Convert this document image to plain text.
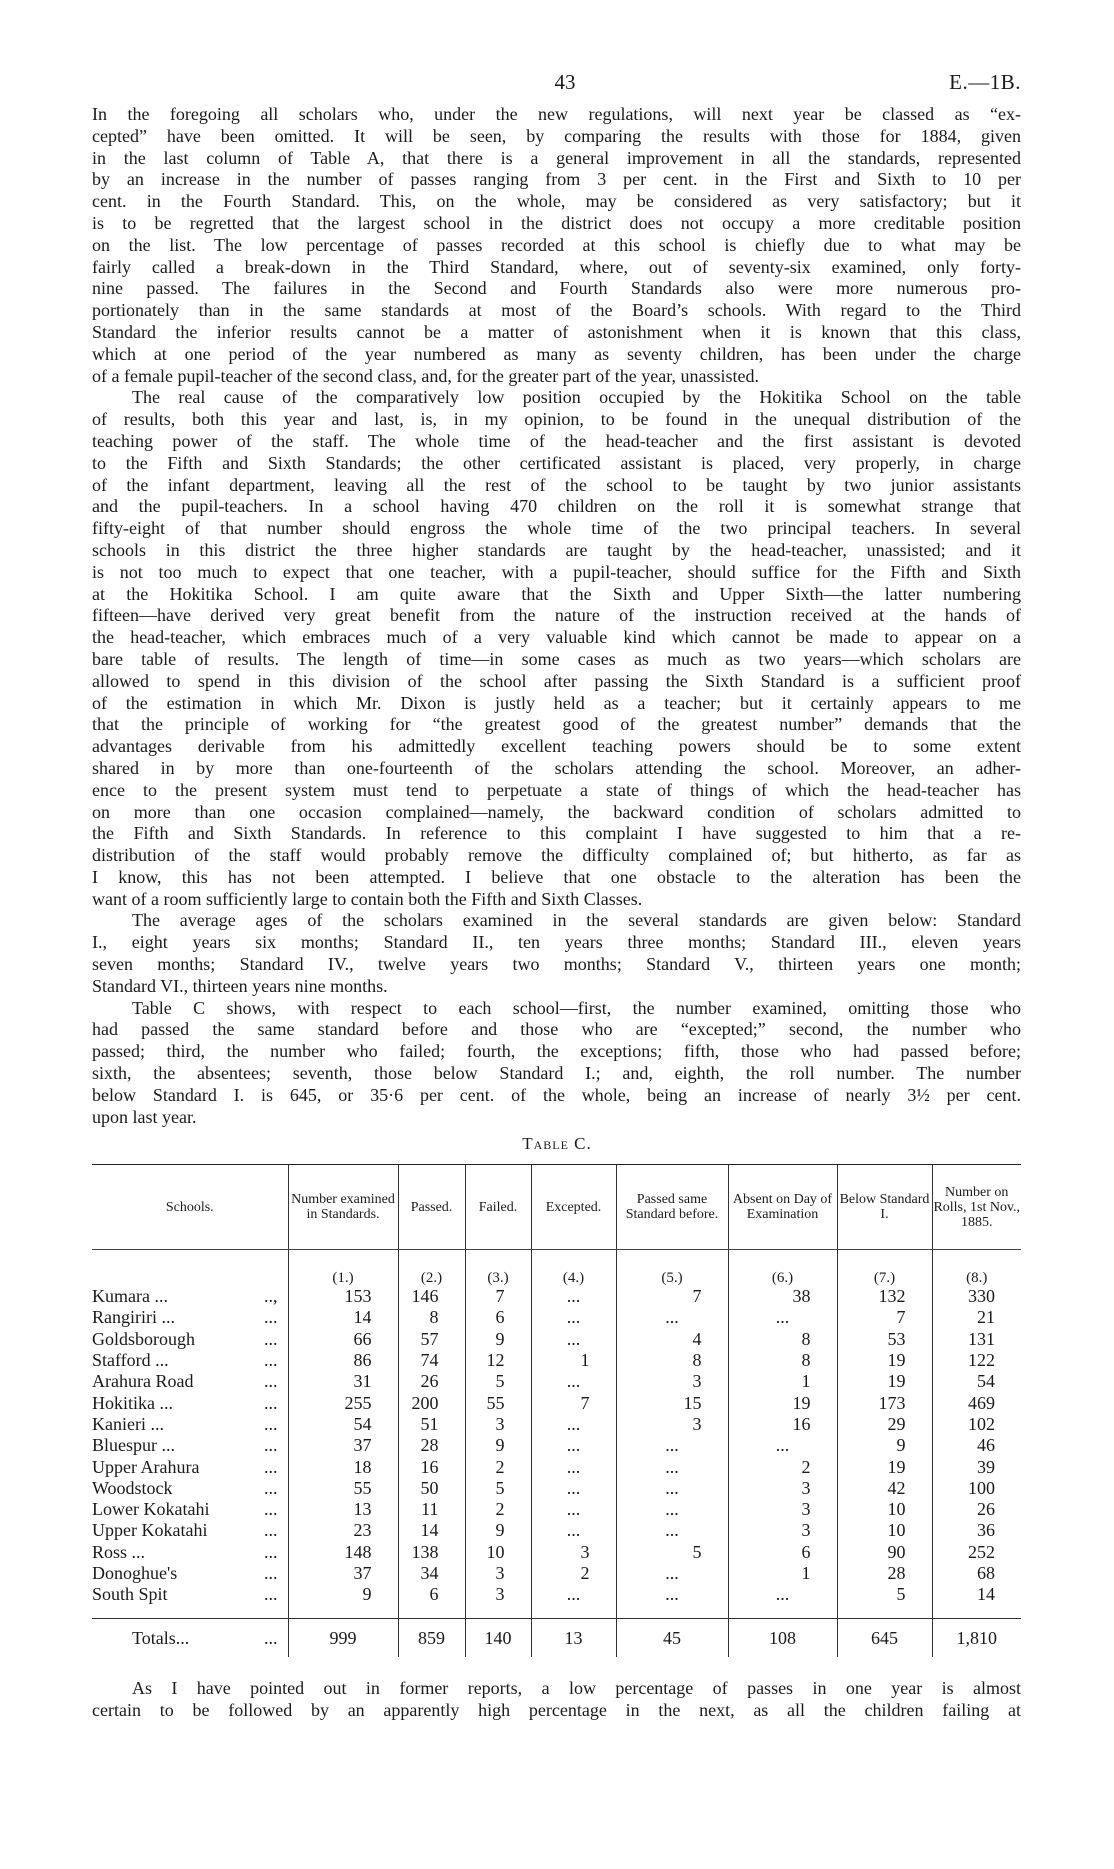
43	E.—1B.
In the foregoing all scholars who, under the new regulations, will next year be classed as “ex-
cepted” have been omitted. It will be seen, by comparing the results with those for 1884, given
in the last column of Table A, that there is a general improvement in all the standards, represented
by an increase in the number of passes ranging from 3 per cent. in the First and Sixth to 10 per
cent. in the Fourth Standard. This, on the whole, may be considered as very satisfactory; but it
is to be regretted that the largest school in the district does not occupy a more creditable position
on the list. The low percentage of passes recorded at this school is chiefly due to what may be
fairly called a break-down in the Third Standard, where, out of seventy-six examined, only forty-
nine passed. The failures in the Second and Fourth Standards also were more numerous pro-
portionately than in the same standards at most of the Board’s schools. With regard to the Third
Standard the inferior results cannot be a matter of astonishment when it is known that this class,
which at one period of the year numbered as many as seventy children, has been under the charge
of a female pupil-teacher of the second class, and, for the greater part of the year, unassisted.
The real cause of the comparatively low position occupied by the Hokitika School on the table
of results, both this year and last, is, in my opinion, to be found in the unequal distribution of the
teaching power of the staff. The whole time of the head-teacher and the first assistant is devoted
to the Fifth and Sixth Standards; the other certificated assistant is placed, very properly, in charge
of the infant department, leaving all the rest of the school to be taught by two junior assistants
and the pupil-teachers. In a school having 470 children on the roll it is somewhat strange that
fifty-eight of that number should engross the whole time of the two principal teachers. In several
schools in this district the three higher standards are taught by the head-teacher, unassisted; and it
is not too much to expect that one teacher, with a pupil-teacher, should suffice for the Fifth and Sixth
at the Hokitika School. I am quite aware that the Sixth and Upper Sixth—the latter numbering
fifteen—have derived very great benefit from the nature of the instruction received at the hands of
the head-teacher, which embraces much of a very valuable kind which cannot be made to appear on a
bare table of results. The length of time—in some cases as much as two years—which scholars are
allowed to spend in this division of the school after passing the Sixth Standard is a sufficient proof
of the estimation in which Mr. Dixon is justly held as a teacher; but it certainly appears to me
that the principle of working for “the greatest good of the greatest number” demands that the
advantages derivable from his admittedly excellent teaching powers should be to some extent
shared in by more than one-fourteenth of the scholars attending the school. Moreover, an adher-
ence to the present system must tend to perpetuate a state of things of which the head-teacher has
on more than one occasion complained—namely, the backward condition of scholars admitted to
the Fifth and Sixth Standards. In reference to this complaint I have suggested to him that a re-
distribution of the staff would probably remove the difficulty complained of; but hitherto, as far as
I know, this has not been attempted. I believe that one obstacle to the alteration has been the
want of a room sufficiently large to contain both the Fifth and Sixth Classes.
The average ages of the scholars examined in the several standards are given below: Standard
I., eight years six months; Standard II., ten years three months; Standard III., eleven years
seven months; Standard IV., twelve years two months; Standard V., thirteen years one month;
Standard VI., thirteen years nine months.
Table C shows, with respect to each school—first, the number examined, omitting those who
had passed the same standard before and those who are “excepted;” second, the number who
passed; third, the number who failed; fourth, the exceptions; fifth, those who had passed before;
sixth, the absentees; seventh, those below Standard I.; and, eighth, the roll number. The number
below Standard I. is 645, or 35·6 per cent. of the whole, being an increase of nearly 3½ per cent.
upon last year.
Table C.
Schools.	Number examined in Standards.	Passed.	Failed.	Excepted.	Passed same Standard before.	Absent on Day of Examination	Below Standard I.	Number on Rolls, 1st Nov., 1885.
	(1.)	(2.)	(3.)	(4.)	(5.)	(6.)	(7.)	(8.)

Kumara ... ..,	153	146	7	...	7	38	132	330

Rangiriri ... ...	14	8	6	...	...	...	7	21

Goldsborough ...	66	57	9	...	4	8	53	131

Stafford ... ...	86	74	12	1	8	8	19	122

Arahura Road ...	31	26	5	...	3	1	19	54

Hokitika ... ...	255	200	55	7	15	19	173	469

Kanieri ... ...	54	51	3	...	3	16	29	102

Bluespur ... ...	37	28	9	...	...	...	9	46

Upper Arahura ...	18	16	2	...	...	2	19	39

Woodstock ...	55	50	5	...	...	3	42	100

Lower Kokatahi ...	13	11	2	...	...	3	10	26

Upper Kokatahi ...	23	14	9	...	...	3	10	36

Ross ... ...	148	138	10	3	5	6	90	252

Donoghue's ...	37	34	3	2	...	1	28	68

South Spit ...	9	6	3	...	...	...	5	14

Totals... ...	999	859	140	13	45	108	645	1,810
As I have pointed out in former reports, a low percentage of passes in one year is almost
certain to be followed by an apparently high percentage in the next, as all the children failing at
